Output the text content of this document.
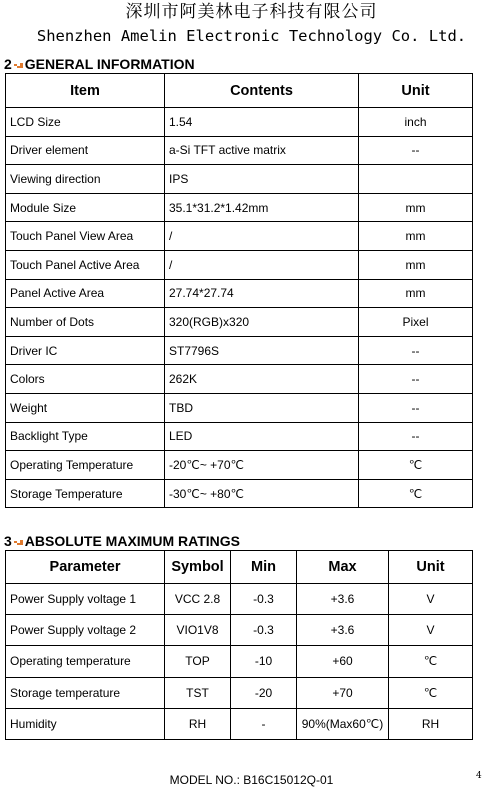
深圳市阿美林电子科技有限公司
Shenzhen Amelin Electronic Technology Co. Ltd.
2 GENERAL INFORMATION
Item	Contents	Unit
LCD Size	1.54	inch
Driver element	a-Si TFT active matrix	--
Viewing direction	IPS	
Module Size	35.1*31.2*1.42mm	mm
Touch Panel View Area	/	mm
Touch Panel Active Area	/	mm
Panel Active Area	27.74*27.74	mm
Number of Dots	320(RGB)x320	Pixel
Driver IC	ST7796S	--
Colors	262K	--
Weight	TBD	--
Backlight Type	LED	--
Operating Temperature	-20℃~ +70℃	℃
Storage Temperature	-30℃~ +80℃	℃
3 ABSOLUTE MAXIMUM RATINGS
Parameter	Symbol	Min	Max	Unit
Power Supply voltage 1	VCC 2.8	-0.3	+3.6	V
Power Supply voltage 2	VIO1V8	-0.3	+3.6	V
Operating temperature	TOP	-10	+60	℃
Storage temperature	TST	-20	+70	℃
Humidity	RH	-	90%(Max60℃)	RH
MODEL NO.: B16C15012Q-01	4
